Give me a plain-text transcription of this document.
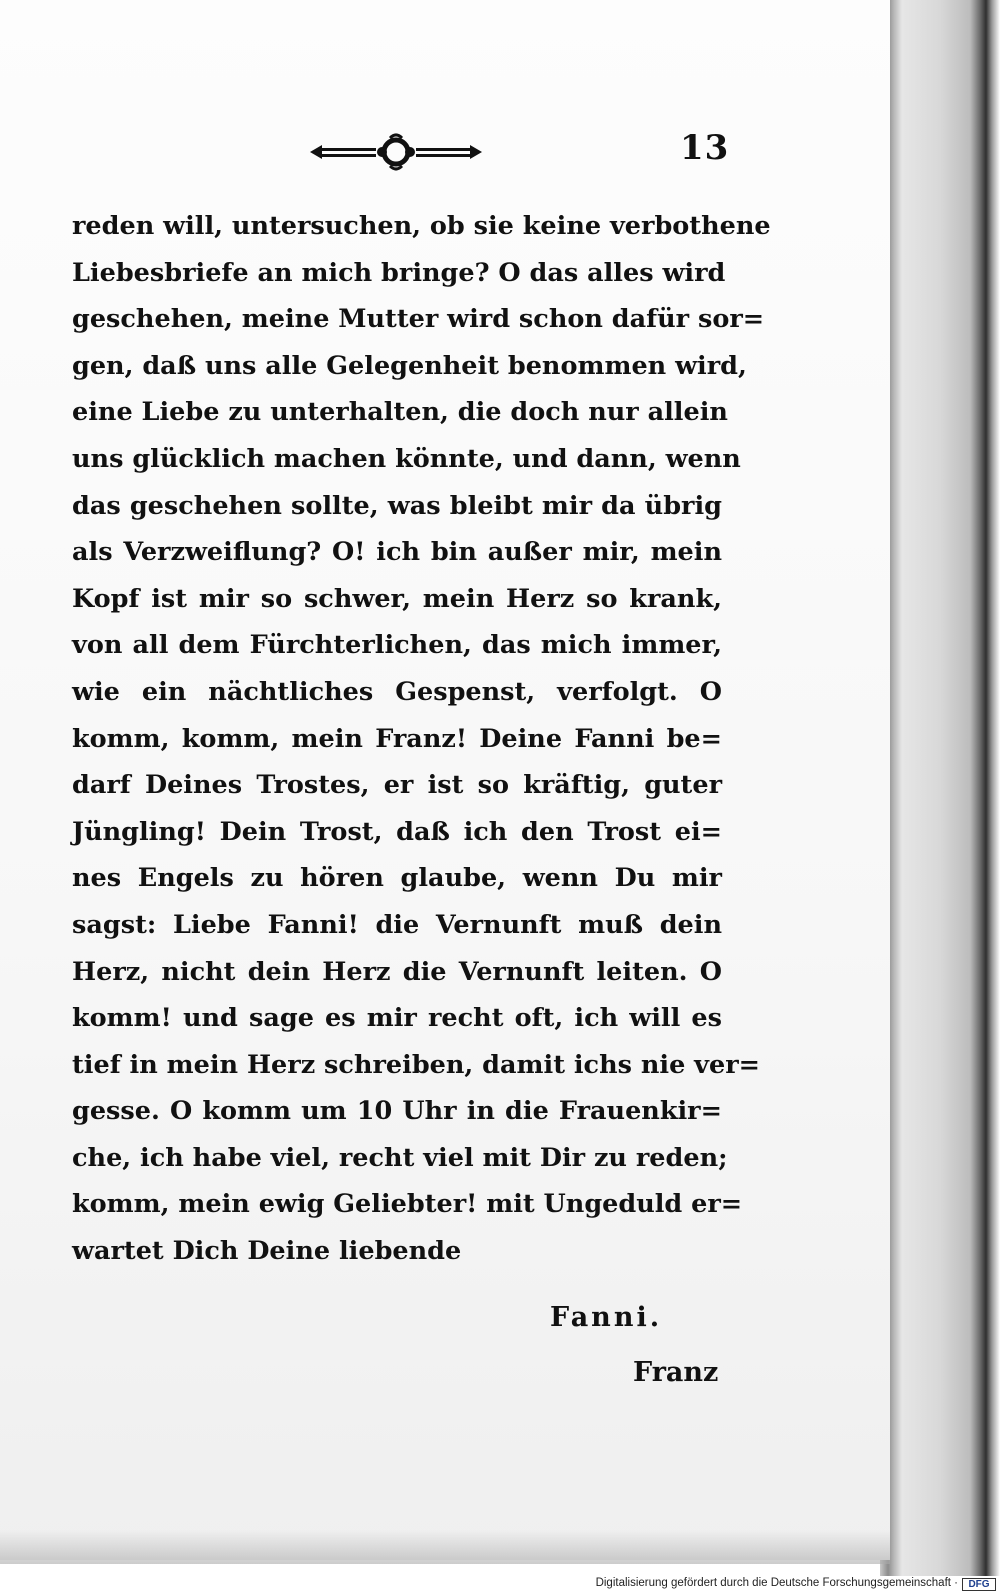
13
reden will, untersuchen, ob sie keine verbothene
Liebesbriefe an mich bringe? O das alles wird
geschehen, meine Mutter wird schon dafür sor=
gen, daß uns alle Gelegenheit benommen wird,
eine Liebe zu unterhalten, die doch nur allein
uns glücklich machen könnte, und dann, wenn
das geschehen sollte, was bleibt mir da übrig
als Verzweiflung? O! ich bin außer mir, mein
Kopf ist mir so schwer, mein Herz so krank,
von all dem Fürchterlichen, das mich immer,
wie ein nächtliches Gespenst, verfolgt. O
komm, komm, mein Franz! Deine Fanni be=
darf Deines Trostes, er ist so kräftig, guter
Jüngling! Dein Trost, daß ich den Trost ei=
nes Engels zu hören glaube, wenn Du mir
sagst: Liebe Fanni! die Vernunft muß dein
Herz, nicht dein Herz die Vernunft leiten. O
komm! und sage es mir recht oft, ich will es
tief in mein Herz schreiben, damit ichs nie ver=
gesse. O komm um 10 Uhr in die Frauenkir=
che, ich habe viel, recht viel mit Dir zu reden;
komm, mein ewig Geliebter! mit Ungeduld er=
wartet Dich Deine liebende
Fanni.
Franz
Digitalisierung gefördert durch die Deutsche Forschungsgemeinschaft ·	DFG
